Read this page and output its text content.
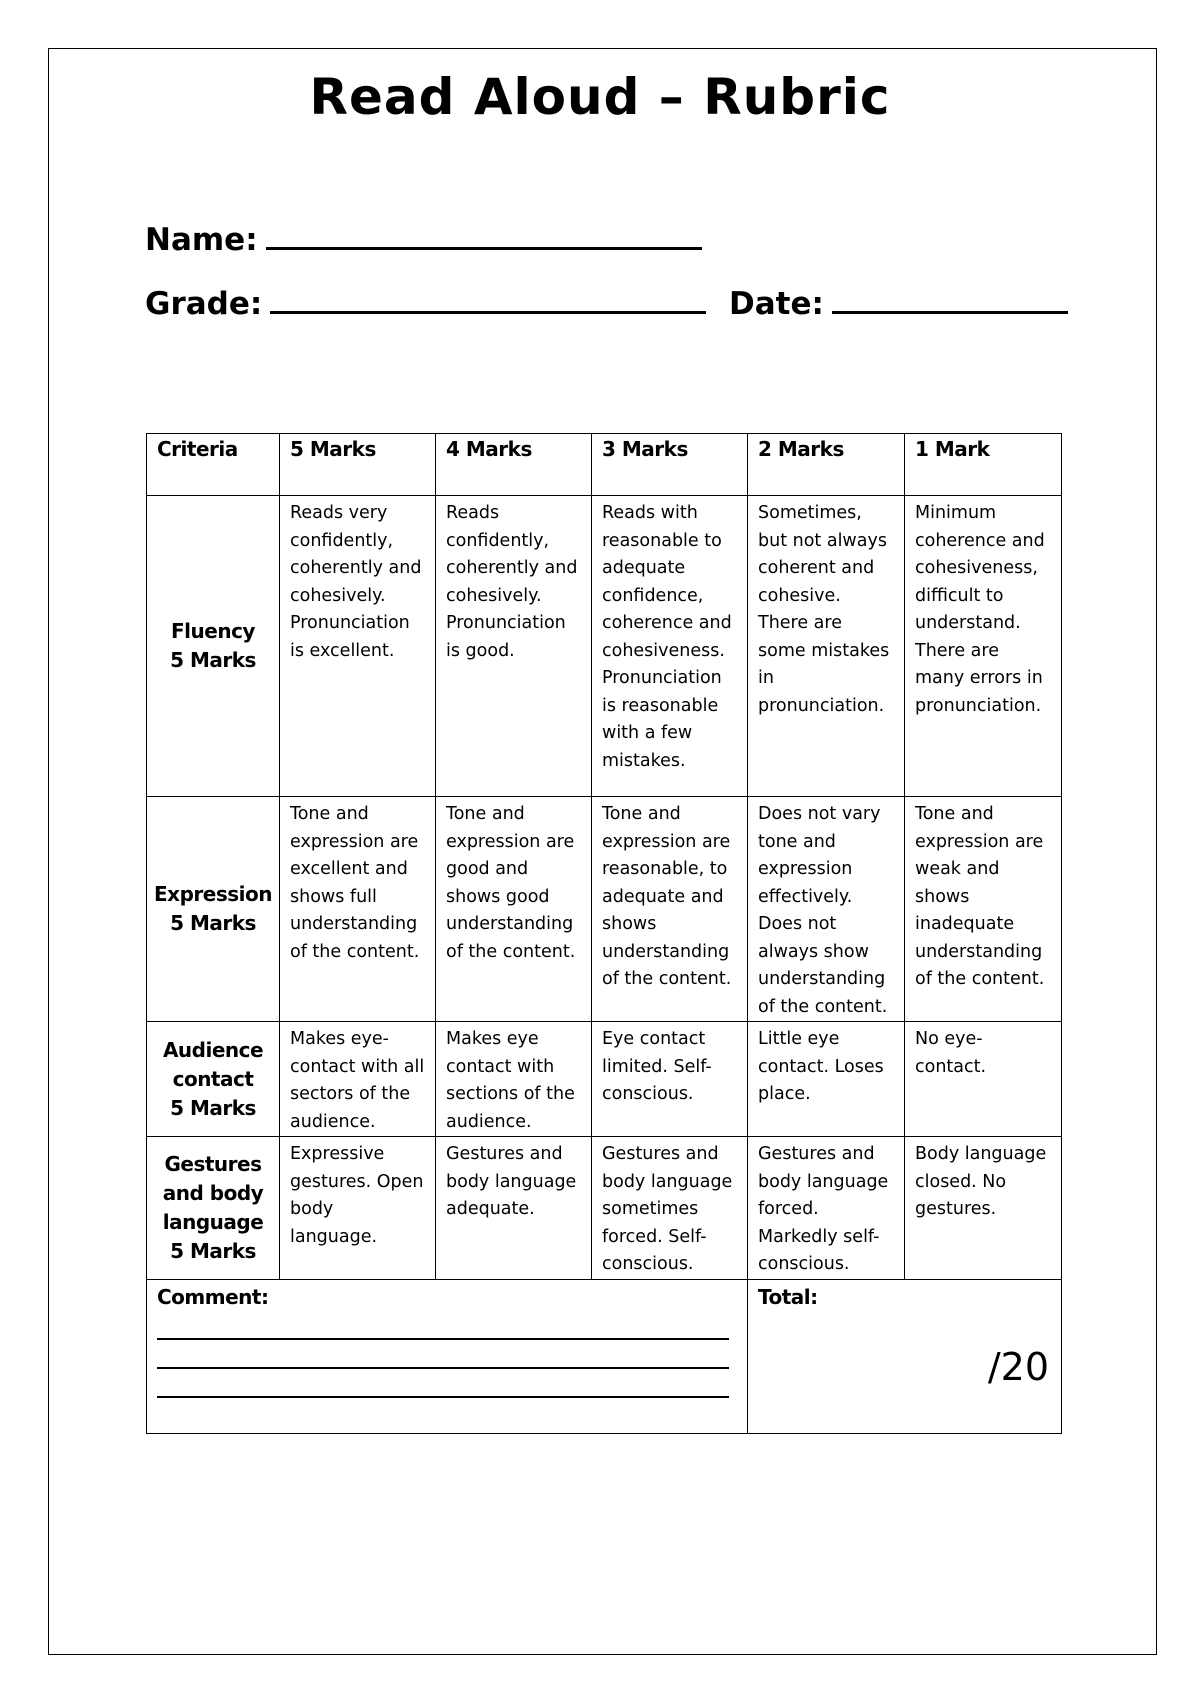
Read Aloud – Rubric
Name:
Grade:	Date:
Criteria	5 Marks	4 Marks	3 Marks	2 Marks	1 Mark

Fluency
5 Marks	Reads very confidently, coherently and cohesively. Pronunciation is excellent.	Reads confidently, coherently and cohesively. Pronunciation is good.	Reads with reasonable to adequate confidence, coherence and cohesiveness. Pronunciation is reasonable with a few mistakes.	Sometimes, but not always coherent and cohesive. There are some mistakes in pronunciation.	Minimum coherence and cohesiveness, difficult to understand. There are many errors in pronunciation.

Expression
5 Marks	Tone and expression are excellent and shows full understanding of the content.	Tone and expression are good and shows good understanding of the content.	Tone and expression are reasonable, to adequate and shows understanding of the content.	Does not vary tone and expression effectively. Does not always show understanding of the content.	Tone and expression are weak and shows inadequate understanding of the content.

Audience
contact
5 Marks	Makes eye-contact with all sectors of the audience.	Makes eye contact with sections of the audience.	Eye contact limited. Self-conscious.	Little eye contact. Loses place.	No eye-contact.

Gestures
and body
language
5 Marks	Expressive gestures. Open body language.	Gestures and body language adequate.	Gestures and body language sometimes forced. Self-conscious.	Gestures and body language forced. Markedly self-conscious.	Body language closed. No gestures.

Comment:				Total:
/20	
